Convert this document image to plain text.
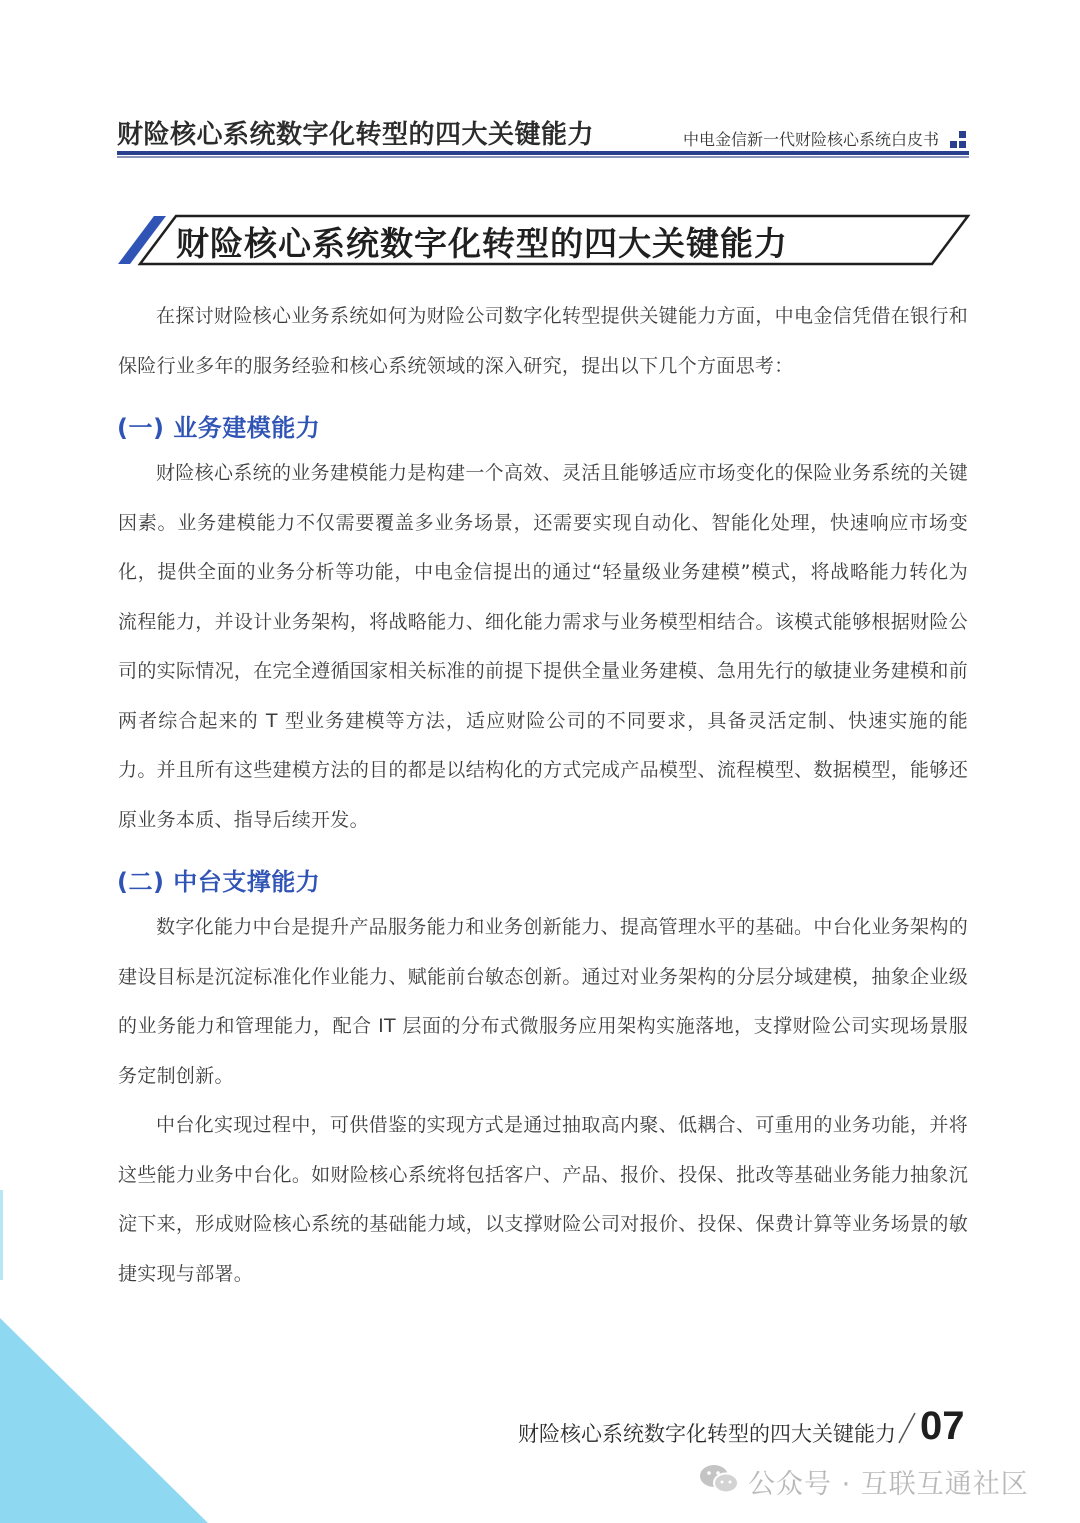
财险核心系统数字化转型的四大关键能力	中电金信新一代财险核心系统白皮书
财险核心系统数字化转型的四大关键能力

在探讨财险核心业务系统如何为财险公司数字化转型提供关键能力方面，中电金信凭借在银行和保险行业多年的服务经验和核心系统领域的深入研究，提出以下几个方面思考：

(一) 业务建模能力

财险核心系统的业务建模能力是构建一个高效、灵活且能够适应市场变化的保险业务系统的关键因素。业务建模能力不仅需要覆盖多业务场景，还需要实现自动化、智能化处理，快速响应市场变化，提供全面的业务分析等功能，中电金信提出的通过“轻量级业务建模”模式，将战略能力转化为流程能力，并设计业务架构，将战略能力、细化能力需求与业务模型相结合。该模式能够根据财险公司的实际情况，在完全遵循国家相关标准的前提下提供全量业务建模、急用先行的敏捷业务建模和前两者综合起来的 T 型业务建模等方法，适应财险公司的不同要求，具备灵活定制、快速实施的能力。并且所有这些建模方法的目的都是以结构化的方式完成产品模型、流程模型、数据模型，能够还原业务本质、指导后续开发。

(二) 中台支撑能力

数字化能力中台是提升产品服务能力和业务创新能力、提高管理水平的基础。中台化业务架构的建设目标是沉淀标准化作业能力、赋能前台敏态创新。通过对业务架构的分层分域建模，抽象企业级的业务能力和管理能力，配合 IT 层面的分布式微服务应用架构实施落地，支撑财险公司实现场景服务定制创新。

中台化实现过程中，可供借鉴的实现方式是通过抽取高内聚、低耦合、可重用的业务功能，并将这些能力业务中台化。如财险核心系统将包括客户、产品、报价、投保、批改等基础业务能力抽象沉淀下来，形成财险核心系统的基础能力域，以支撑财险公司对报价、投保、保费计算等业务场景的敏捷实现与部署。

财险核心系统数字化转型的四大关键能力 07
公众号 · 互联互通社区
